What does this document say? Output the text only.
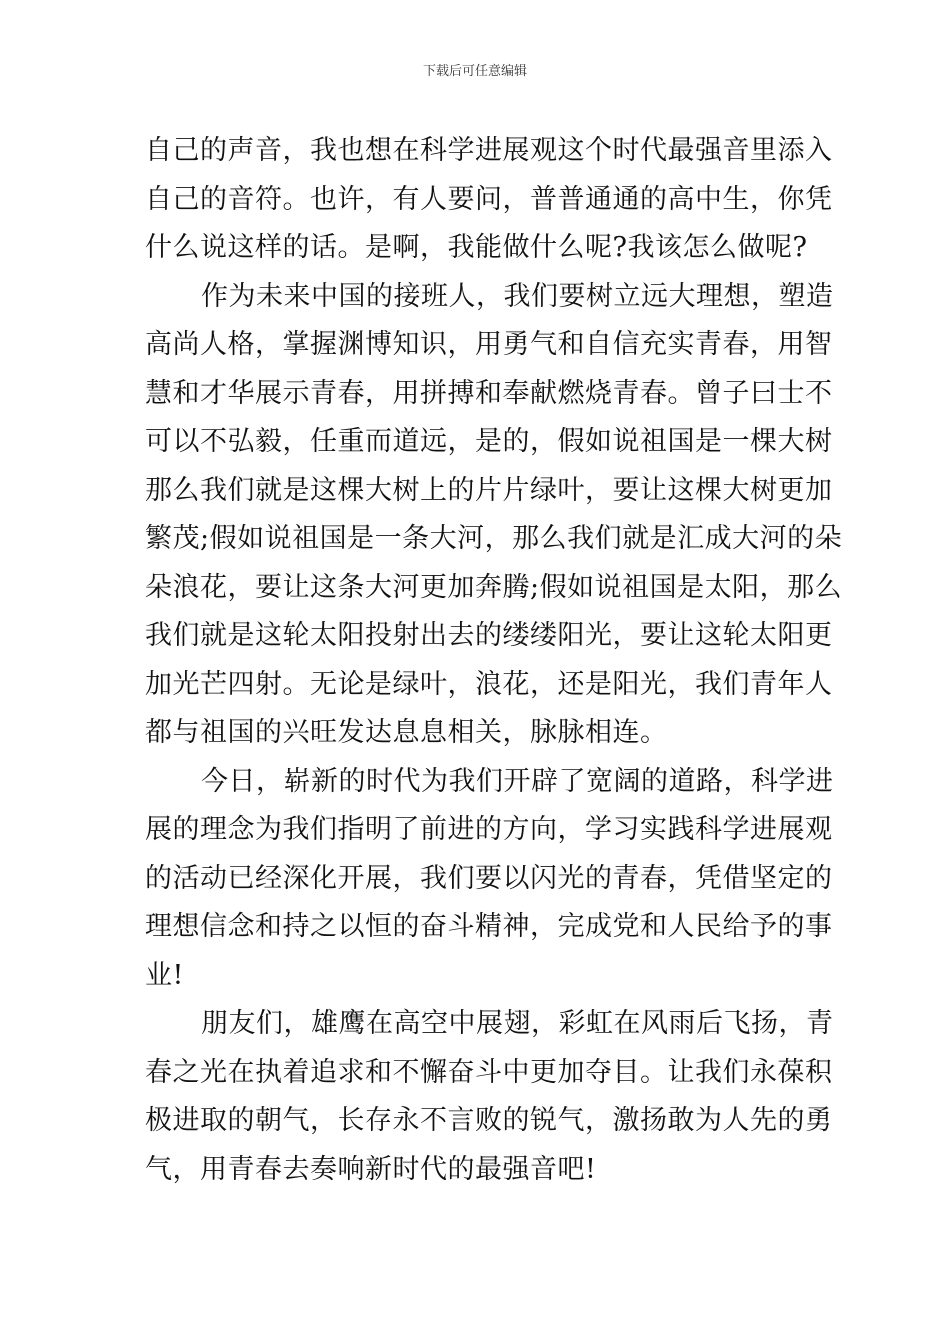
下载后可任意编辑
自己的声音，我也想在科学进展观这个时代最强音里添入
自己的音符。也许，有人要问，普普通通的高中生，你凭
什么说这样的话。是啊，我能做什么呢?我该怎么做呢?
作为未来中国的接班人，我们要树立远大理想，塑造
高尚人格，掌握渊博知识，用勇气和自信充实青春，用智
慧和才华展示青春，用拼搏和奉献燃烧青春。曾子曰士不
可以不弘毅，任重而道远，是的，假如说祖国是一棵大树
那么我们就是这棵大树上的片片绿叶，要让这棵大树更加
繁茂;假如说祖国是一条大河，那么我们就是汇成大河的朵
朵浪花，要让这条大河更加奔腾;假如说祖国是太阳，那么
我们就是这轮太阳投射出去的缕缕阳光，要让这轮太阳更
加光芒四射。无论是绿叶，浪花，还是阳光，我们青年人
都与祖国的兴旺发达息息相关，脉脉相连。
今日，崭新的时代为我们开辟了宽阔的道路，科学进
展的理念为我们指明了前进的方向，学习实践科学进展观
的活动已经深化开展，我们要以闪光的青春，凭借坚定的
理想信念和持之以恒的奋斗精神，完成党和人民给予的事
业!
朋友们，雄鹰在高空中展翅，彩虹在风雨后飞扬，青
春之光在执着追求和不懈奋斗中更加夺目。让我们永葆积
极进取的朝气，长存永不言败的锐气，激扬敢为人先的勇
气，用青春去奏响新时代的最强音吧!
